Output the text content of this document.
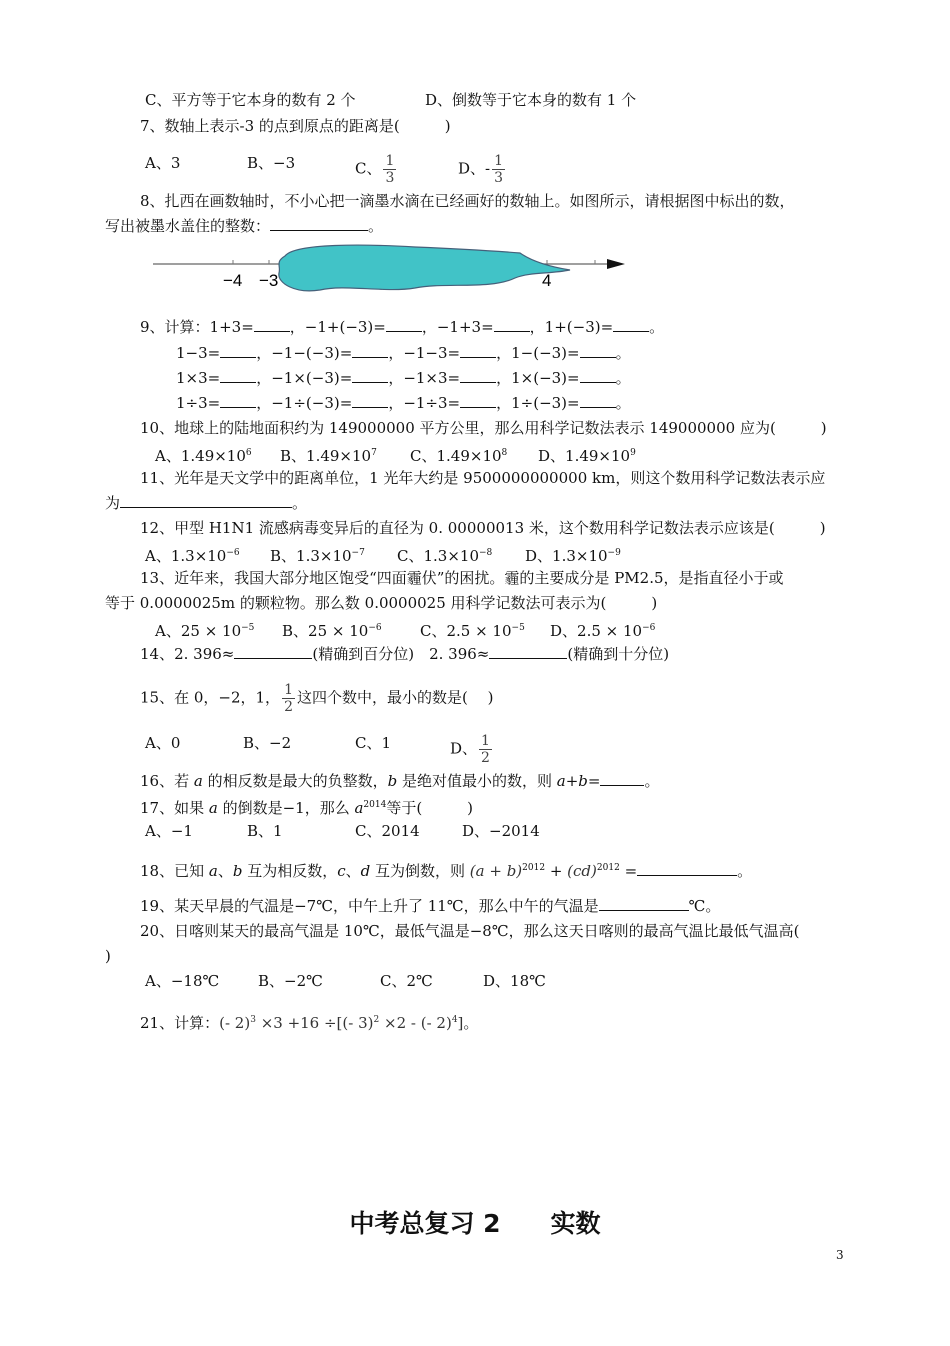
C、平方等于它本身的数有 2 个	D、倒数等于它本身的数有 1 个
7、数轴上表示-3 的点到原点的距离是(　　　)
A、3	B、−3	C、 $\frac{1}{3}$	D、- $\frac{1}{3}$
8、扎西在画数轴时，不小心把一滴墨水滴在已经画好的数轴上。如图所示，请根据图中标出的数，
写出被墨水盖住的整数：	。
−4 −3	4
9、计算：1+3= ，−1+(−3)= ，−1+3= ，1+(−3)= 。
1−3= ，−1−(−3)= ，−1−3= ，1−(−3)= 。
1×3= ，−1×(−3)= ，−1×3= ，1×(−3)= 。
1÷3= ，−1÷(−3)= ，−1÷3= ，1÷(−3)= 。
10、地球上的陆地面积约为 149000000 平方公里，那么用科学记数法表示 149000000 应为(　　　)
A、$1.49\times 10^6$ B、$1.49\times 10^7$ C、$1.49\times 10^8$ D、$1.49\times 10^9$
11、光年是天文学中的距离单位，1 光年大约是 9500000000000 km，则这个数用科学记数法表示应
为	。
12、甲型 H1N1 流感病毒变异后的直径为 0. 00000013 米，这个数用科学记数法表示应该是(　　　)
A、$1.3\times 10^{-6}$ B、$1.3\times 10^{-7}$ C、$1.3\times 10^{-8}$ D、$1.3\times 10^{-9}$
13、近年来，我国大部分地区饱受“四面霾伏”的困扰。霾的主要成分是 PM2.5，是指直径小于或
等于 0.0000025m 的颗粒物。那么数 0.0000025 用科学记数法可表示为(　　　)
A、$25 \times 10^{-5}$ B、$25 \times 10^{-6}$	C、$2.5 \times 10^{-5}$ D、$2.5 \times 10^{-6}$
14、2. 396≈	(精确到百分位)　2. 396≈	(精确到十分位)
15、在 0，−2，1， $\frac{1}{2}$ 这四个数中，最小的数是(　 )
A、0	B、−2	C、1	D、 $\frac{1}{2}$
16、若 a 的相反数是最大的负整数，b 是绝对值最小的数，则 a+b=	。
17、如果 a 的倒数是−1，那么 $a^{2014}$等于(　　　)
A、−1	B、1	C、2014	D、−2014
18、已知 a、b 互为相反数，c、d 互为倒数，则 $(a + b)^{2012} + (cd)^{2012}$ =	。
19、某天早晨的气温是−7℃，中午上升了 11℃，那么中午的气温是	℃。
20、日喀则某天的最高气温是 10℃，最低气温是−8℃，那么这天日喀则的最高气温比最低气温高(
)
A、−18℃	B、−2℃	C、2℃	D、18℃
21、计算：(- 2)$^3$ ×3 +16 ÷[(- 3)$^2$ ×2 - (- 2)$^4$]。
中考总复习 2　　实数
3
